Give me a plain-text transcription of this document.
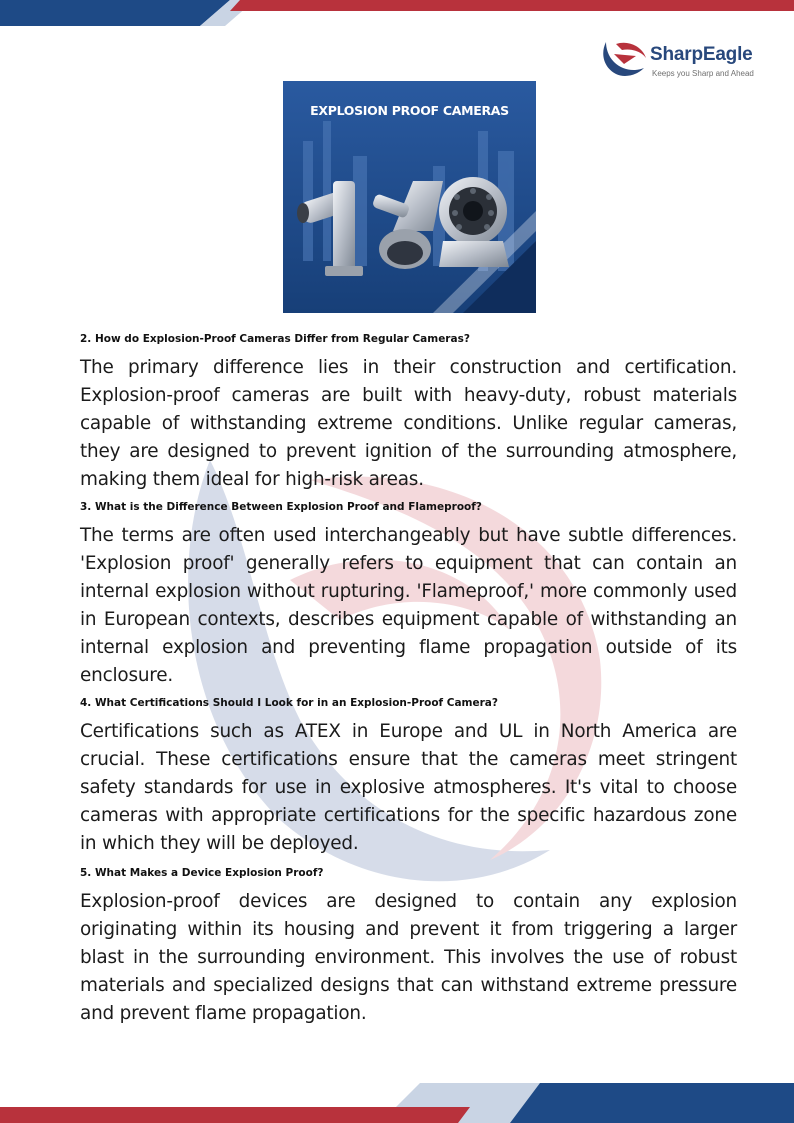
SharpEagle
Keeps you Sharp and Ahead
EXPLOSION PROOF CAMERAS
2. How do Explosion-Proof Cameras Differ from Regular Cameras?

The primary difference lies in their construction and certification. Explosion-proof cameras are built with heavy-duty, robust materials capable of withstanding extreme conditions. Unlike regular cameras, they are designed to prevent ignition of the surrounding atmosphere, making them ideal for high-risk areas.

3. What is the Difference Between Explosion Proof and Flameproof?

The terms are often used interchangeably but have subtle differences. 'Explosion proof' generally refers to equipment that can contain an internal explosion without rupturing. 'Flameproof,' more commonly used in European contexts, describes equipment capable of withstanding an internal explosion and preventing flame propagation outside of its enclosure.

4. What Certifications Should I Look for in an Explosion-Proof Camera?

Certifications such as ATEX in Europe and UL in North America are crucial. These certifications ensure that the cameras meet stringent safety standards for use in explosive atmospheres. It's vital to choose cameras with appropriate certifications for the specific hazardous zone in which they will be deployed.

5. What Makes a Device Explosion Proof?

Explosion-proof devices are designed to contain any explosion originating within its housing and prevent it from triggering a larger blast in the surrounding environment. This involves the use of robust materials and specialized designs that can withstand extreme pressure and prevent flame propagation.
